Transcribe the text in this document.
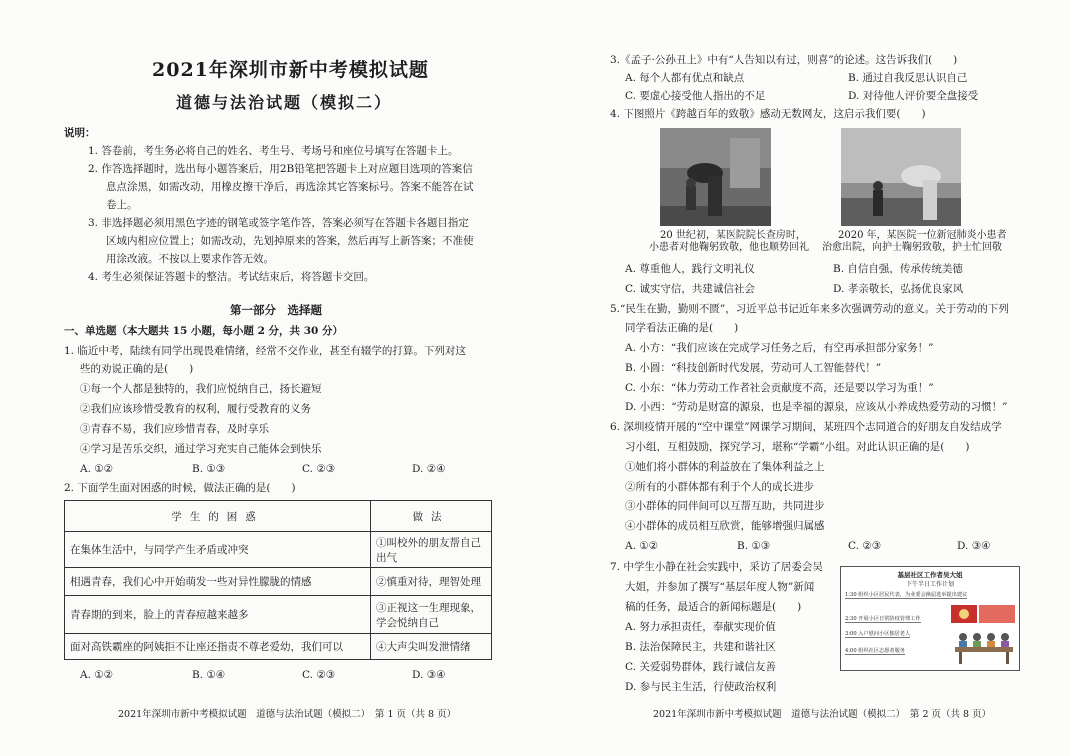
2021年深圳市新中考模拟试题
道德与法治试题（模拟二）
说明：
1. 答卷前，考生务必将自己的姓名、考生号、考场号和座位号填写在答题卡上。
2. 作答选择题时，选出每小题答案后，用2B铅笔把答题卡上对应题目选项的答案信
息点涂黑，如需改动，用橡皮擦干净后，再选涂其它答案标号。答案不能答在试
卷上。
3. 非选择题必须用黑色字迹的钢笔或签字笔作答，答案必须写在答题卡各题目指定
区域内相应位置上；如需改动，先划掉原来的答案，然后再写上新答案；不准使
用涂改液。不按以上要求作答无效。
4. 考生必须保证答题卡的整洁。考试结束后，将答题卡交回。
第一部分　选择题
一、单选题（本大题共 15 小题，每小题 2 分，共 30 分）
1. 临近中考，陆续有同学出现畏难情绪，经常不交作业，甚至有辍学的打算。下列对这
些的劝说正确的是(　　)
①每一个人都是独特的，我们应悦纳自己，扬长避短
②我们应该珍惜受教育的权利，履行受教育的义务
③青春不易，我们应珍惜青春，及时享乐
④学习是苦乐交织，通过学习充实自己能体会到快乐
A. ①②	B. ①③	C. ②③	D. ②④
2. 下面学生面对困惑的时候，做法正确的是(　　)
学生的困惑	做法
在集体生活中，与同学产生矛盾或冲突	①叫校外的朋友帮自己出气
相遇青春，我们心中开始萌发一些对异性朦胧的情感	②慎重对待，理智处理
青春期的到来，脸上的青春痘越来越多	③正视这一生理现象，学会悦纳自己
面对高铁霸座的阿姨拒不让座还指责不尊老爱幼，我们可以	④大声尖叫发泄情绪
A. ①②	B. ①④	C. ②③	D. ③④
2021年深圳市新中考模拟试题　道德与法治试题（模拟二）　第 1 页（共 8 页）
3.《孟子·公孙丑上》中有“人告知以有过，则喜”的论述。这告诉我们(　　)
A. 每个人都有优点和缺点	B. 通过自我反思认识自己
C. 要虚心接受他人指出的不足	D. 对待他人评价要全盘接受
4. 下图照片《跨越百年的致敬》感动无数网友，这启示我们要(　　)
20 世纪初，某医院院长查房时，
小患者对他鞠躬致敬，他也顺势回礼
2020 年，某医院一位新冠肺炎小患者
治愈出院，向护士鞠躬致敬，护士忙回敬
A. 尊重他人，践行文明礼仪	B. 自信自强，传承传统美德
C. 诚实守信，共建诚信社会	D. 孝亲敬长，弘扬优良家风
5.“民生在勤，勤则不匮”，习近平总书记近年来多次强调劳动的意义。关于劳动的下列
同学看法正确的是(　　)
A. 小方：“我们应该在完成学习任务之后，有空再承担部分家务！”
B. 小圆：“科技创新时代发展，劳动可人工智能替代！”
C. 小东：“体力劳动工作者社会贡献度不高，还是要以学习为重！”
D. 小西：“劳动是财富的源泉，也是幸福的源泉，应该从小养成热爱劳动的习惯！”
6. 深圳疫情开展的“空中课堂”网课学习期间，某班四个志同道合的好朋友自发结成学
习小组，互相鼓励，探究学习，堪称“学霸”小组。对此认识正确的是(　　)
①她们将小群体的利益放在了集体利益之上
②所有的小群体都有利于个人的成长进步
③小群体的同伴间可以互帮互助，共同进步
④小群体的成员相互欣赏，能够增强归属感
A. ①②	B. ①③	C. ②③	D. ③④
7. 中学生小静在社会实践中，采访了居委会吴
大姐，并参加了撰写“基层年度人物”新闻
稿的任务，最适合的新闻标题是(　　)
A. 努力承担责任，奉献实现价值
B. 法治保障民主，共建和谐社区
C. 关爱弱势群体，践行诚信友善
D. 参与民主生活，行使政治权利
基层社区工作者吴大姐
下午半日工作计划
1:30 组织小区居民代表，为业委会换届选举提出建议
2:30 开展小区日常防疫管理工作
3:00 入户慰问小区独居老人
4:00 组织社区志愿者服务
2021年深圳市新中考模拟试题　道德与法治试题（模拟二）　第 2 页（共 8 页）
